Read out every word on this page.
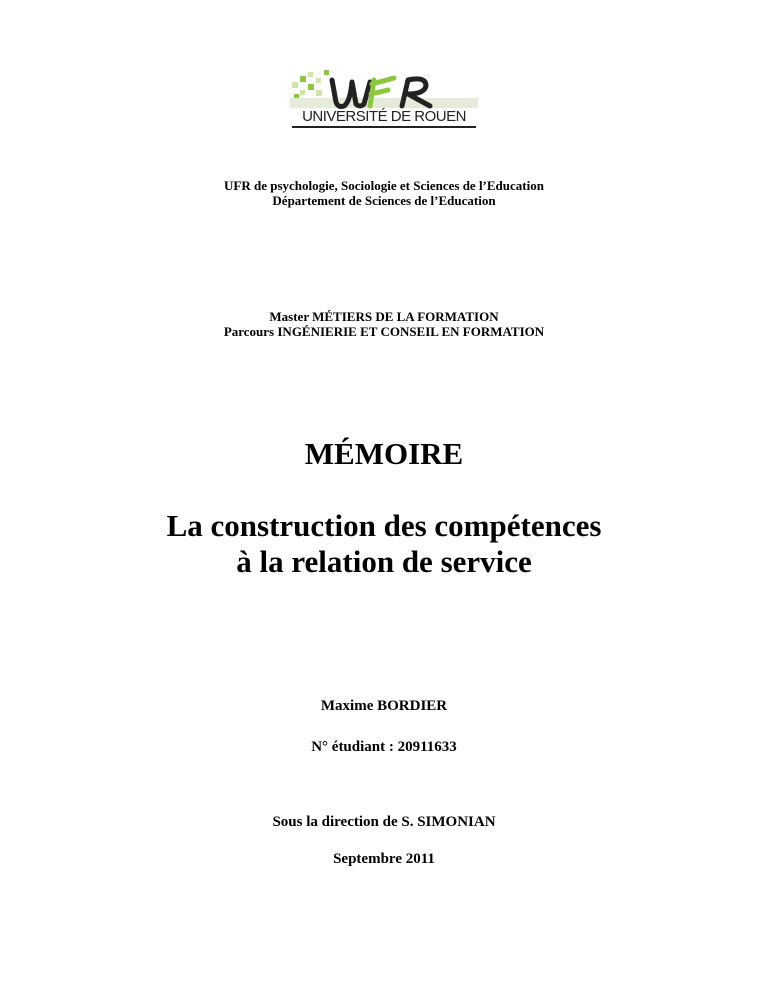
UNIVERSITÉ DE ROUEN
UFR de psychologie, Sociologie et Sciences de l’Education
Département de Sciences de l’Education
Master MÉTIERS DE LA FORMATION
Parcours INGÉNIERIE ET CONSEIL EN FORMATION
MÉMOIRE
La construction des compétences
à la relation de service
Maxime BORDIER
N° étudiant : 20911633
Sous la direction de S. SIMONIAN
Septembre 2011
